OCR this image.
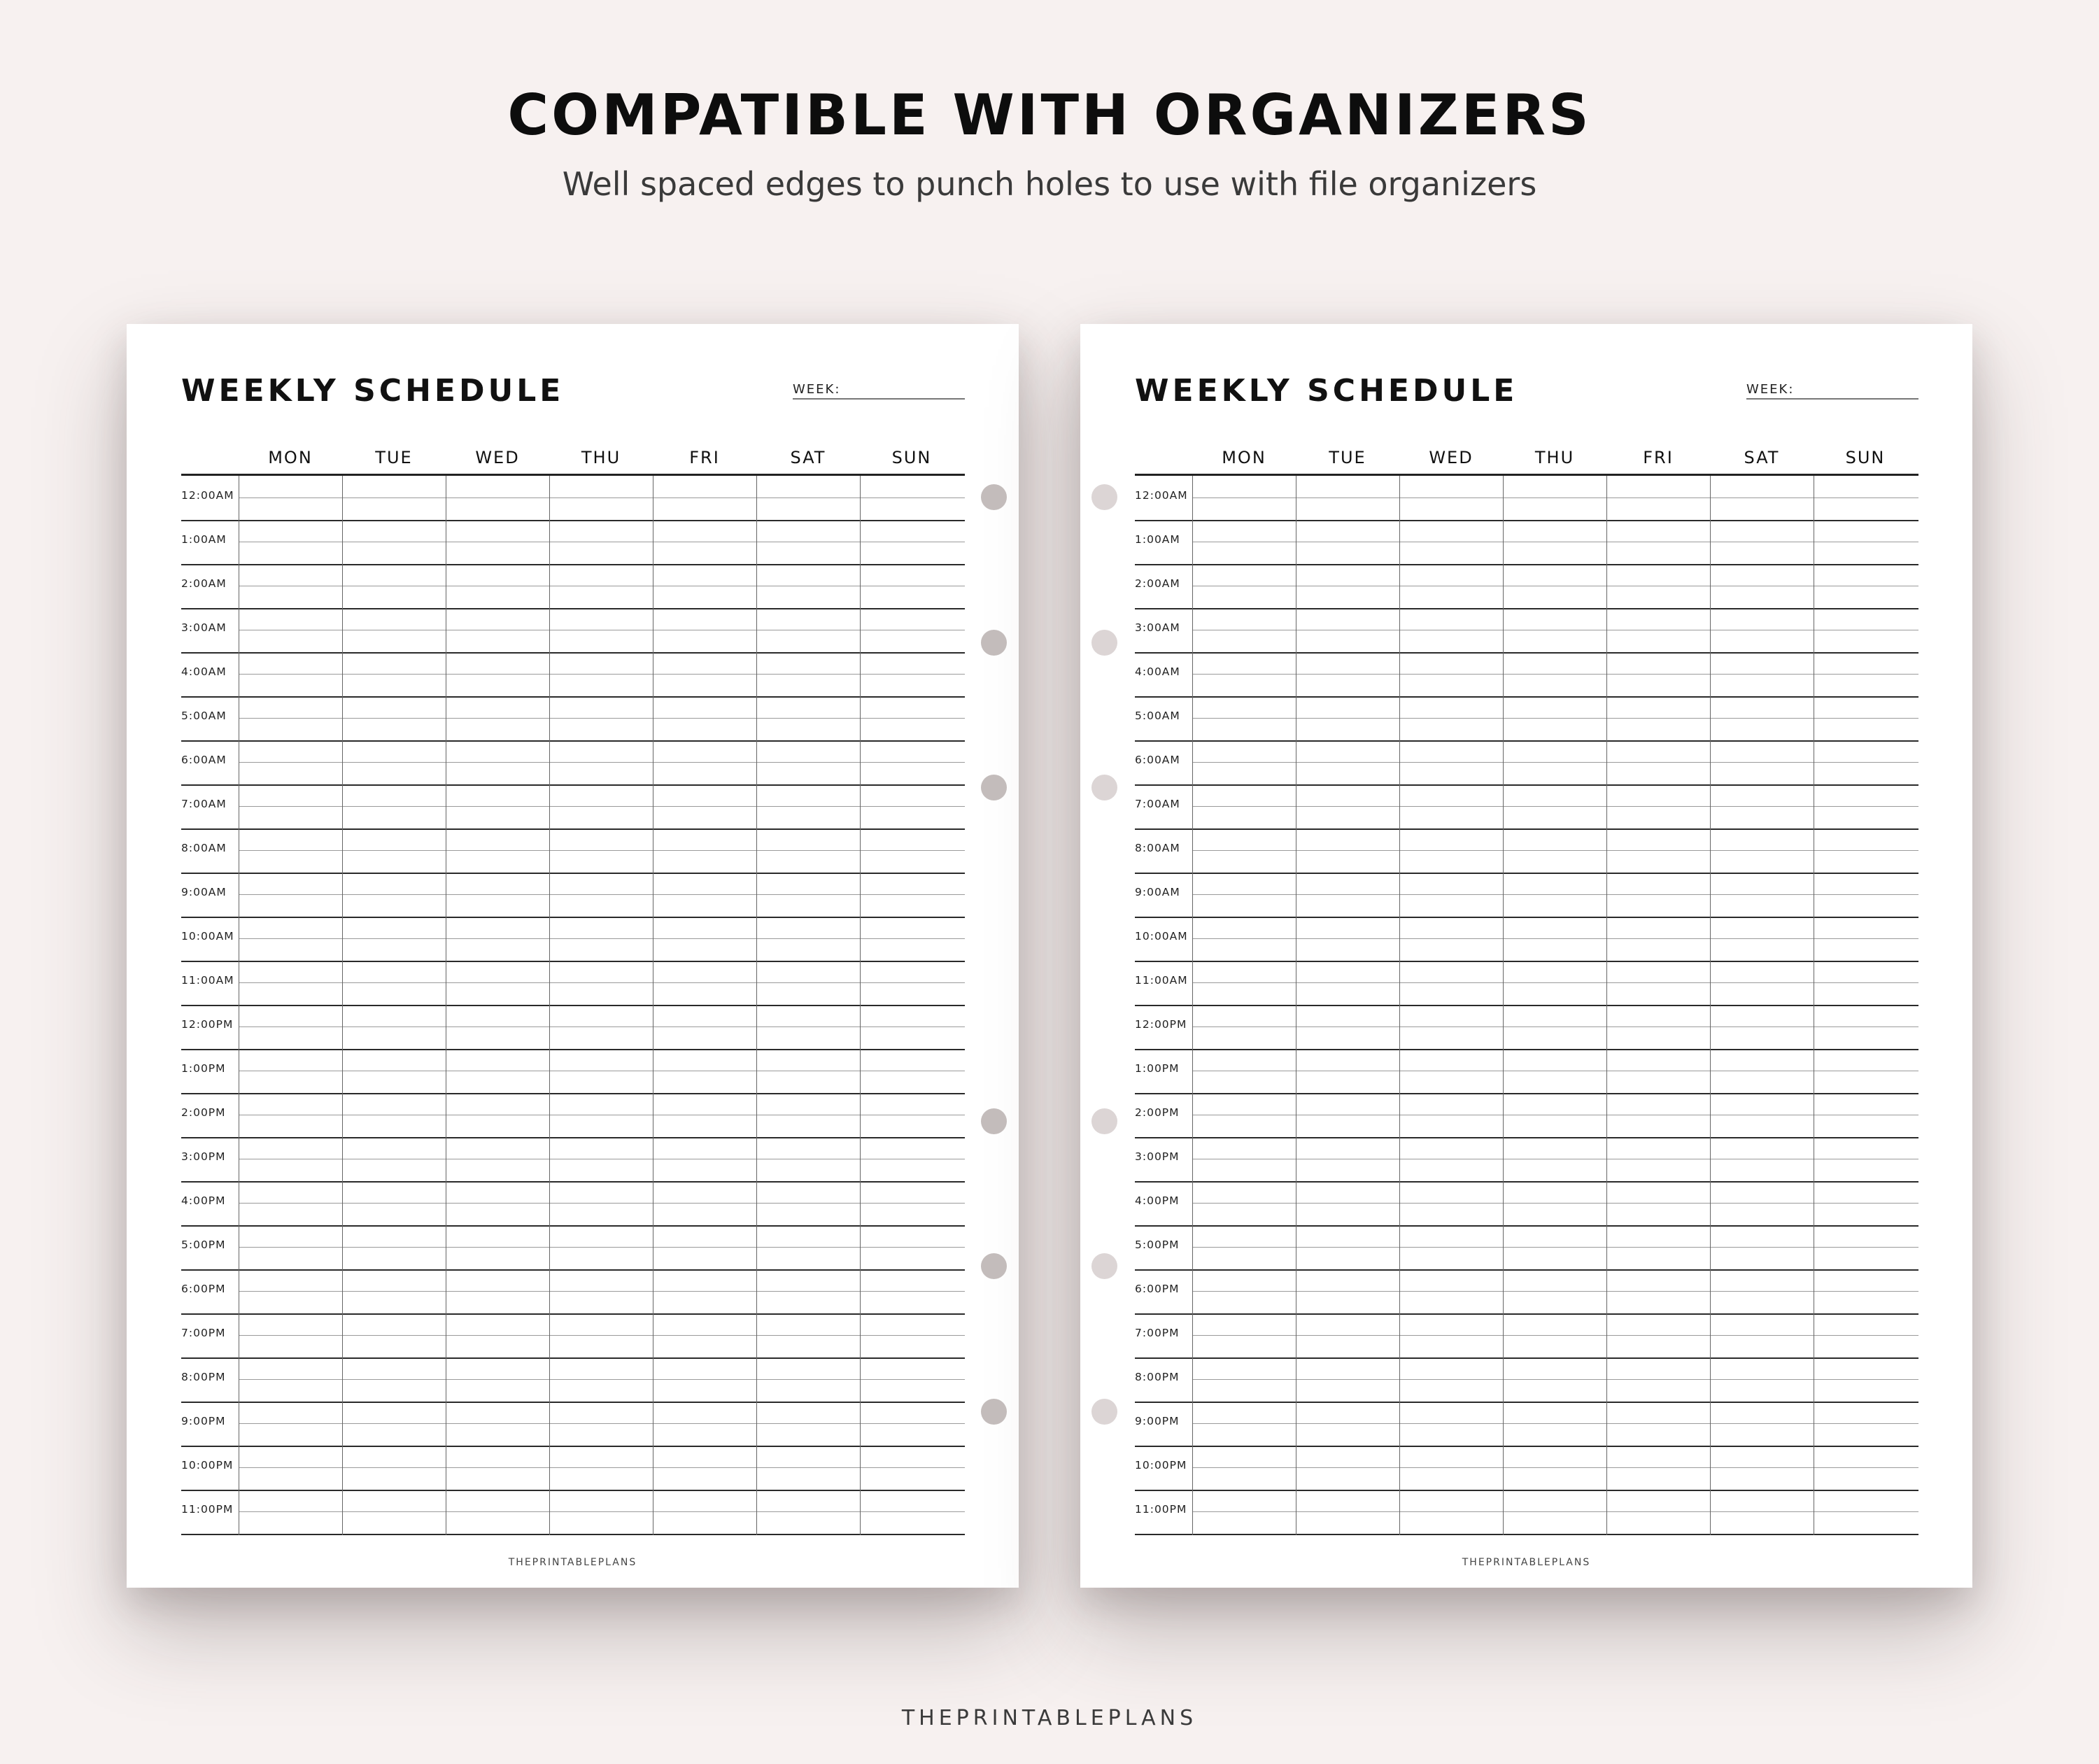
COMPATIBLE WITH ORGANIZERS

Well spaced edges to punch holes to use with file organizers

WEEKLY SCHEDULE	WEEK:
MON	TUE	WED	THU	FRI	SAT	SUN
12:00AM
1:00AM
2:00AM
3:00AM
4:00AM
5:00AM
6:00AM
7:00AM
8:00AM
9:00AM
10:00AM
11:00AM
12:00PM
1:00PM
2:00PM
3:00PM
4:00PM
5:00PM
6:00PM
7:00PM
8:00PM
9:00PM
10:00PM
11:00PM
THEPRINTABLEPLANS
WEEKLY SCHEDULE	WEEK:
MON	TUE	WED	THU	FRI	SAT	SUN
12:00AM
1:00AM
2:00AM
3:00AM
4:00AM
5:00AM
6:00AM
7:00AM
8:00AM
9:00AM
10:00AM
11:00AM
12:00PM
1:00PM
2:00PM
3:00PM
4:00PM
5:00PM
6:00PM
7:00PM
8:00PM
9:00PM
10:00PM
11:00PM
THEPRINTABLEPLANS
THEPRINTABLEPLANS
